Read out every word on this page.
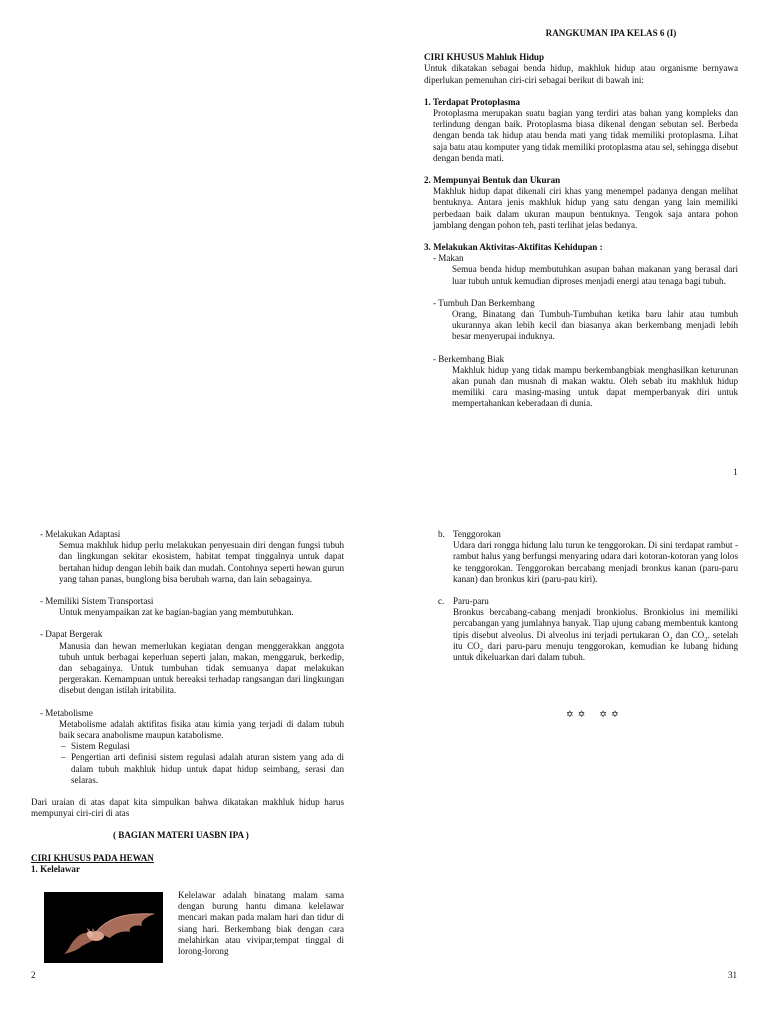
RANGKUMAN IPA KELAS 6 (I)

CIRI KHUSUS Mahluk Hidup

Untuk dikatakan sebagai benda hidup, makhluk hidup atau organisme bernyawa diperlukan pemenuhan ciri-ciri sebagai berikut di bawah ini:

1. Terdapat Protoplasma

Protoplasma merupakan suatu bagian yang terdiri atas bahan yang kompleks dan terlindung dengan baik. Protoplasma biasa dikenal dengan sebutan sel. Berbeda dengan benda tak hidup atau benda mati yang tidak memiliki protoplasma. Lihat saja batu atau komputer yang tidak memiliki protoplasma atau sel, sehingga disebut dengan benda mati.

2. Mempunyai Bentuk dan Ukuran

Makhluk hidup dapat dikenali ciri khas yang menempel padanya dengan melihat bentuknya. Antara jenis makhluk hidup yang satu dengan yang lain memiliki perbedaan baik dalam ukuran maupun bentuknya. Tengok saja antara pohon jamblang dengan pohon teh, pasti terlihat jelas bedanya.

3. Melakukan Aktivitas-Aktifitas Kehidupan :

- Makan

Semua benda hidup membutuhkan asupan bahan makanan yang berasal dari luar tubuh untuk kemudian diproses menjadi energi atau tenaga bagi tubuh.

- Tumbuh Dan Berkembang

Orang, Binatang dan Tumbuh-Tumbuhan ketika baru lahir atau tumbuh ukurannya akan lebih kecil dan biasanya akan berkembang menjadi lebih besar menyerupai induknya.

- Berkembang Biak

Makhluk hidup yang tidak mampu berkembangbiak menghasilkan keturunan akan punah dan musnah di makan waktu. Oleh sebab itu makhluk hidup memiliki cara masing-masing untuk dapat memperbanyak diri untuk mempertahankan keberadaan di dunia.

1

- Melakukan Adaptasi

Semua makhluk hidup perlu melakukan penyesuain diri dengan fungsi tubuh dan lingkungan sekitar ekosistem, habitat tempat tinggalnya untuk dapat bertahan hidup dengan lebih baik dan mudah. Contohnya seperti hewan gurun yang tahan panas, bunglong bisa berubah warna, dan lain sebagainya.

- Memiliki Sistem Transportasi

Untuk menyampaikan zat ke bagian-bagian yang membutuhkan.

- Dapat Bergerak

Manusia dan hewan memerlukan kegiatan dengan menggerakkan anggota tubuh untuk berbagai keperluan seperti jalan, makan, menggaruk, berkedip, dan sebagainya. Untuk tumbuhan tidak semuanya dapat melakukan pergerakan. Kemampuan untuk bereaksi terhadap rangsangan dari lingkungan disebut dengan istilah iritabilita.

- Metabolisme

Metabolisme adalah aktifitas fisika atau kimia yang terjadi di dalam tubuh baik secara anabolisme maupun katabolisme.

– Sistem Regulasi

– Pengertian arti definisi sistem regulasi adalah aturan sistem yang ada di dalam tubuh makhluk hidup untuk dapat hidup seimbang, serasi dan selaras.

Dari uraian di atas dapat kita simpulkan bahwa dikatakan makhluk hidup harus mempunyai ciri-ciri di atas

( BAGIAN MATERI UASBN IPA )

CIRI KHUSUS PADA HEWAN

1. Kelelawar

Kelelawar adalah binatang malam sama dengan burung hantu dimana kelelawar mencari makan pada malam hari dan tidur di siang hari. Berkembang biak dengan cara melahirkan atau vivipar,tempat tinggal di lorong-lorong
2
b. Tenggorokan

Udara dari rongga hidung lalu turun ke tenggorokan. Di sini terdapat rambut -rambut halus yang berfungsi menyaring udara dari kotoran-kotoran yang lolos ke tenggorokan. Tenggorokan bercabang menjadi bronkus kanan (paru-paru kanan) dan bronkus kiri (paru-pau kiri).

c. Paru-paru

Bronkus bercabang-cabang menjadi bronkiolus. Bronkiolus ini memiliki percabangan yang jumlahnya banyak. Tiap ujung cabang membentuk kantong tipis disebut alveolus. Di alveolus ini terjadi pertukaran $O_2$ dan $CO_2$. setelah itu $CO_2$ dari paru-paru menuju tenggorokan, kemudian ke lubang hidung untuk dikeluarkan dari dalam tubuh.

✡ ✡    ✡ ✡
31
